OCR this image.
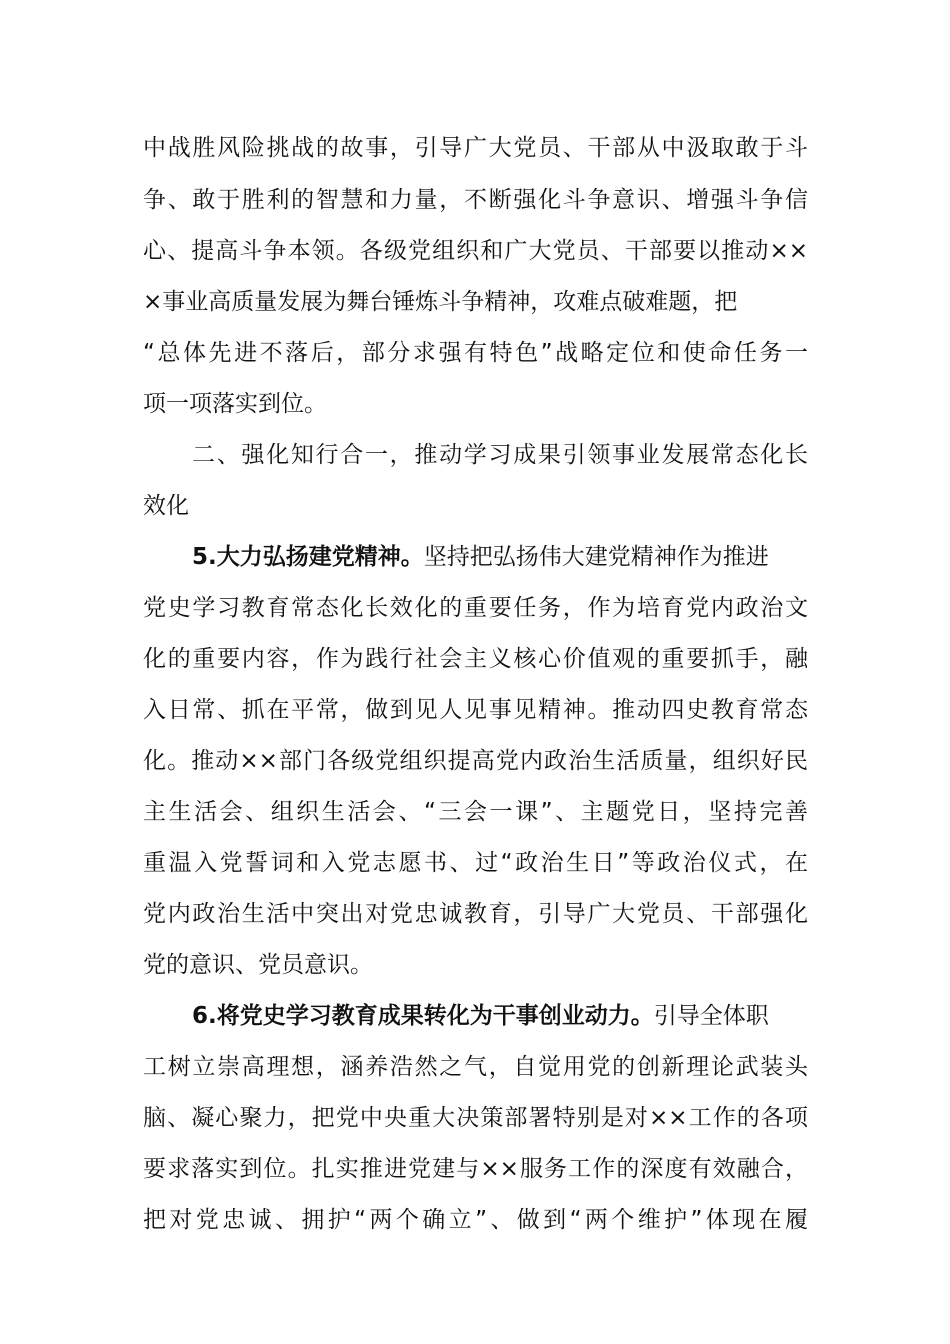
中战胜风险挑战的故事，引导广大党员、干部从中汲取敢于斗
争、敢于胜利的智慧和力量，不断强化斗争意识、增强斗争信
心、提高斗争本领。各级党组织和广大党员、干部要以推动××
×事业高质量发展为舞台锤炼斗争精神，攻难点破难题，把
“总体先进不落后，部分求强有特色”战略定位和使命任务一
项一项落实到位。
二、强化知行合一，推动学习成果引领事业发展常态化长
效化
5.大力弘扬建党精神。坚持把弘扬伟大建党精神作为推进
党史学习教育常态化长效化的重要任务，作为培育党内政治文
化的重要内容，作为践行社会主义核心价值观的重要抓手，融
入日常、抓在平常，做到见人见事见精神。推动四史教育常态
化。推动××部门各级党组织提高党内政治生活质量，组织好民
主生活会、组织生活会、“三会一课”、主题党日，坚持完善
重温入党誓词和入党志愿书、过“政治生日”等政治仪式，在
党内政治生活中突出对党忠诚教育，引导广大党员、干部强化
党的意识、党员意识。
6.将党史学习教育成果转化为干事创业动力。引导全体职
工树立崇高理想，涵养浩然之气，自觉用党的创新理论武装头
脑、凝心聚力，把党中央重大决策部署特别是对××工作的各项
要求落实到位。扎实推进党建与××服务工作的深度有效融合，
把对党忠诚、拥护“两个确立”、做到“两个维护”体现在履
